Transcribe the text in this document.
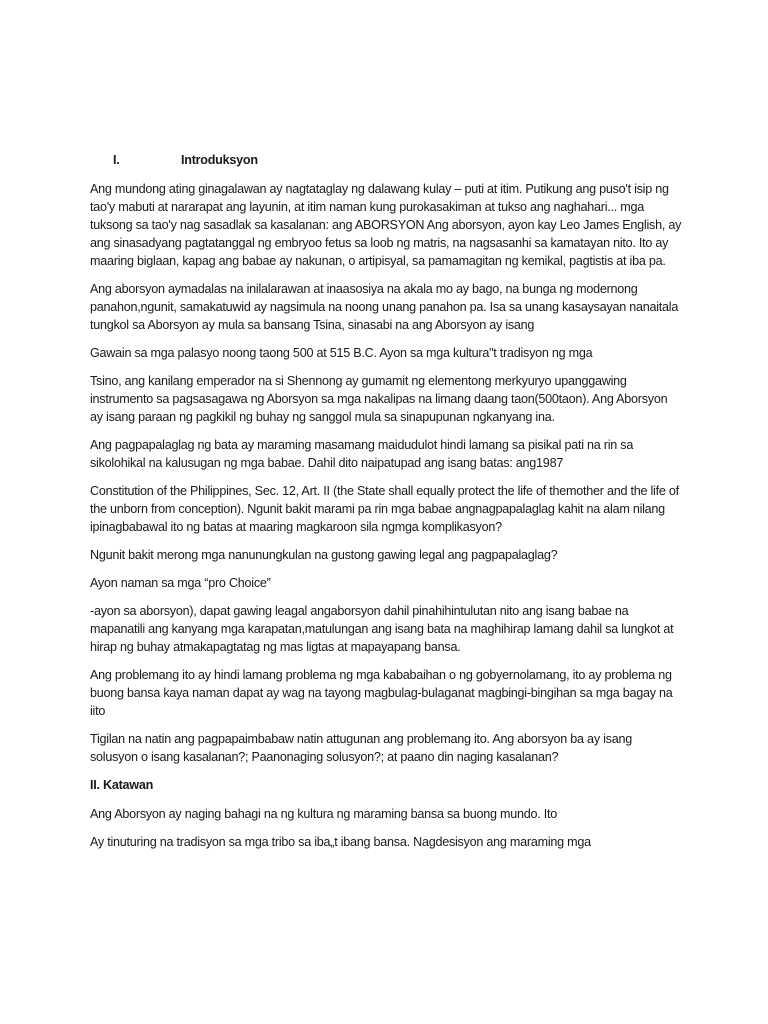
I.	Introduksyon

Ang mundong ating ginagalawan ay nagtataglay ng dalawang kulay – puti at itim. Putikung ang puso't isip ng tao'y mabuti at nararapat ang layunin, at itim naman kung purokasakiman at tukso ang naghahari... mga tuksong sa tao'y nag sasadlak sa kasalanan: ang ABORSYON Ang aborsyon, ayon kay Leo James English, ay ang sinasadyang pagtatanggal ng embryoo fetus sa loob ng matris, na nagsasanhi sa kamatayan nito. Ito ay maaring biglaan, kapag ang babae ay nakunan, o artipisyal, sa pamamagitan ng kemikal, pagtistis at iba pa.

Ang aborsyon aymadalas na inilalarawan at inaasosiya na akala mo ay bago, na bunga ng modernong panahon,ngunit, samakatuwid ay nagsimula na noong unang panahon pa. Isa sa unang kasaysayan nanaitala tungkol sa Aborsyon ay mula sa bansang Tsina, sinasabi na ang Aborsyon ay isang

Gawain sa mga palasyo noong taong 500 at 515 B.C. Ayon sa mga kultura"t tradisyon ng mga

Tsino, ang kanilang emperador na si Shennong ay gumamit ng elementong merkyuryo upanggawing instrumento sa pagsasagawa ng Aborsyon sa mga nakalipas na limang daang taon(500taon). Ang Aborsyon ay isang paraan ng pagkikil ng buhay ng sanggol mula sa sinapupunan ngkanyang ina.

Ang pagpapalaglag ng bata ay maraming masamang maidudulot hindi lamang sa pisikal pati na rin sa sikolohikal na kalusugan ng mga babae. Dahil dito naipatupad ang isang batas: ang1987

Constitution of the Philippines, Sec. 12, Art. II (the State shall equally protect the life of themother and the life of the unborn from conception). Ngunit bakit marami pa rin mga babae angnagpapalaglag kahit na alam nilang ipinagbabawal ito ng batas at maaring magkaroon sila ngmga komplikasyon?

Ngunit bakit merong mga nanunungkulan na gustong gawing legal ang pagpapalaglag?

Ayon naman sa mga “pro Choice”

-ayon sa aborsyon), dapat gawing leagal angaborsyon dahil pinahihintulutan nito ang isang babae na mapanatili ang kanyang mga karapatan,matulungan ang isang bata na maghihirap lamang dahil sa lungkot at hirap ng buhay atmakapagtatag ng mas ligtas at mapayapang bansa.

Ang problemang ito ay hindi lamang problema ng mga kababaihan o ng gobyernolamang, ito ay problema ng buong bansa kaya naman dapat ay wag na tayong magbulag-bulaganat magbingi-bingihan sa mga bagay na iito

Tigilan na natin ang pagpapaimbabaw natin attugunan ang problemang ito. Ang aborsyon ba ay isang solusyon o isang kasalanan?; Paanonaging solusyon?; at paano din naging kasalanan?

II. Katawan

Ang Aborsyon ay naging bahagi na ng kultura ng maraming bansa sa buong mundo. Ito

Ay tinuturing na tradisyon sa mga tribo sa iba„t ibang bansa. Nagdesisyon ang maraming mga
